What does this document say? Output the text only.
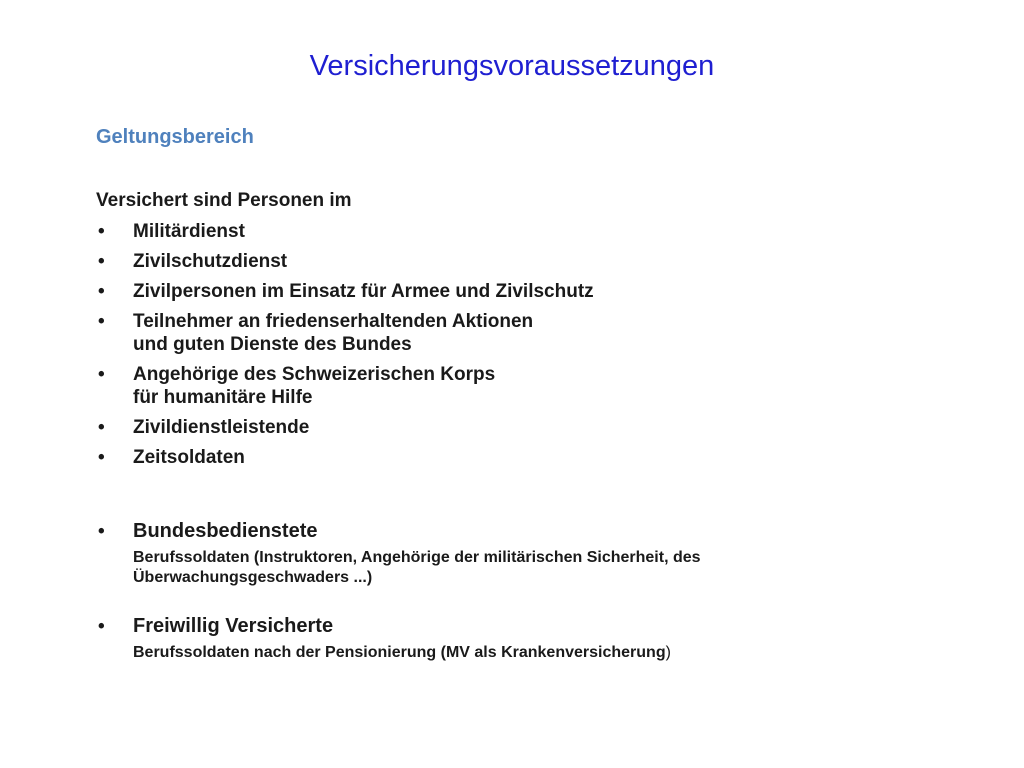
Versicherungsvoraussetzungen
Geltungsbereich
Versichert sind Personen im
• Militärdienst
• Zivilschutzdienst
• Zivilpersonen im Einsatz für Armee und Zivilschutz
• Teilnehmer an friedenserhaltenden Aktionen
und guten Dienste des Bundes
• Angehörige des Schweizerischen Korps
für humanitäre Hilfe
• Zivildienstleistende
• Zeitsoldaten
• Bundesbedienstete
Berufssoldaten (Instruktoren, Angehörige der militärischen Sicherheit, des
Überwachungsgeschwaders ...)
• Freiwillig Versicherte
Berufssoldaten nach der Pensionierung (MV als Krankenversicherung)
